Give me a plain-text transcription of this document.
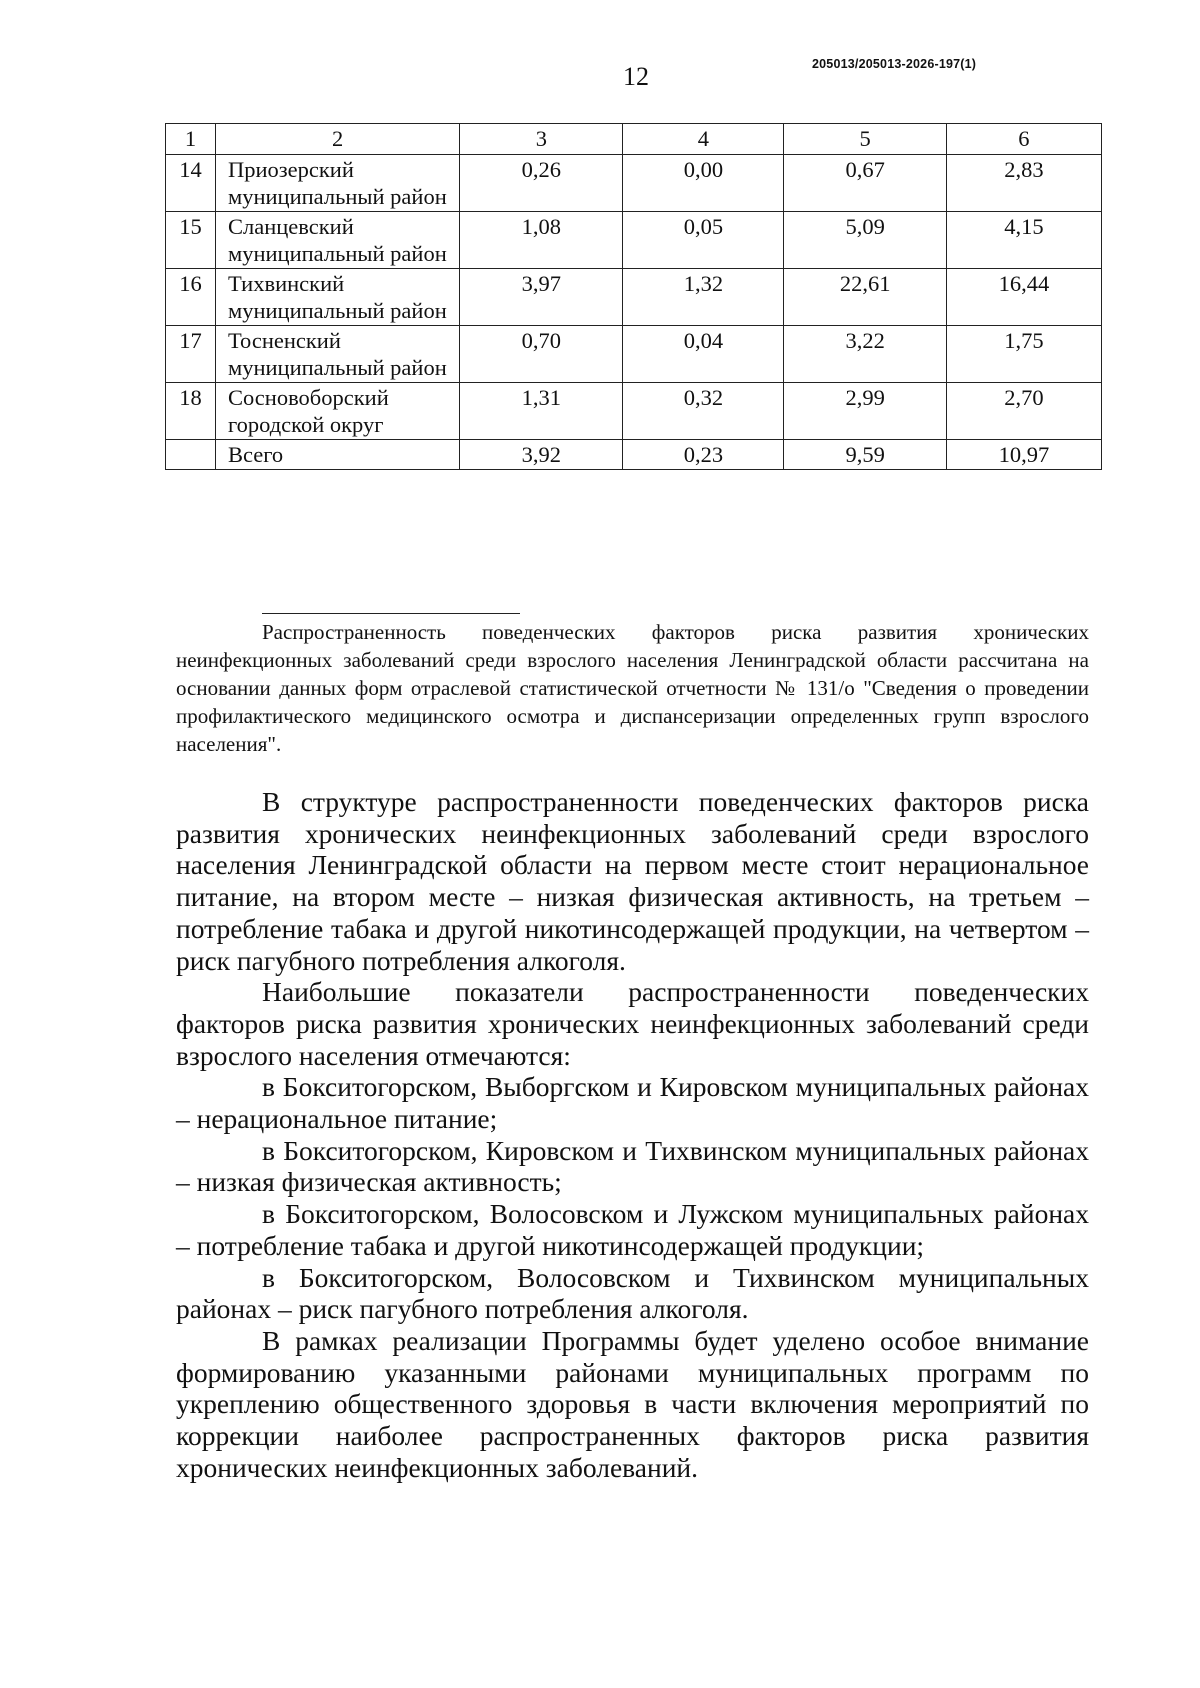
12	205013/205013-2026-197(1)
1	2	3	4	5	6
14	Приозерский муниципальный район	0,26	0,00	0,67	2,83
15	Сланцевский муниципальный район	1,08	0,05	5,09	4,15
16	Тихвинский муниципальный район	3,97	1,32	22,61	16,44
17	Тосненский муниципальный район	0,70	0,04	3,22	1,75
18	Сосновоборский городской округ	1,31	0,32	2,99	2,70
	Всего	3,92	0,23	9,59	10,97

Распространенность поведенческих факторов риска развития хронических неинфекционных заболеваний среди взрослого населения Ленинградской области рассчитана на основании данных форм отраслевой статистической отчетности № 131/о "Сведения о проведении профилактического медицинского осмотра и диспансеризации определенных групп взрослого населения".

В структуре распространенности поведенческих факторов риска развития хронических неинфекционных заболеваний среди взрослого населения Ленинградской области на первом месте стоит нерациональное питание, на втором месте – низкая физическая активность, на третьем – потребление табака и другой никотинсодержащей продукции, на четвертом – риск пагубного потребления алкоголя.

Наибольшие показатели распространенности поведенческих факторов риска развития хронических неинфекционных заболеваний среди взрослого населения отмечаются:

в Бокситогорском, Выборгском и Кировском муниципальных районах – нерациональное питание;

в Бокситогорском, Кировском и Тихвинском муниципальных районах – низкая физическая активность;

в Бокситогорском, Волосовском и Лужском муниципальных районах – потребление табака и другой никотинсодержащей продукции;

в Бокситогорском, Волосовском и Тихвинском муниципальных районах – риск пагубного потребления алкоголя.

В рамках реализации Программы будет уделено особое внимание формированию указанными районами муниципальных программ по укреплению общественного здоровья в части включения мероприятий по коррекции наиболее распространенных факторов риска развития хронических неинфекционных заболеваний.
